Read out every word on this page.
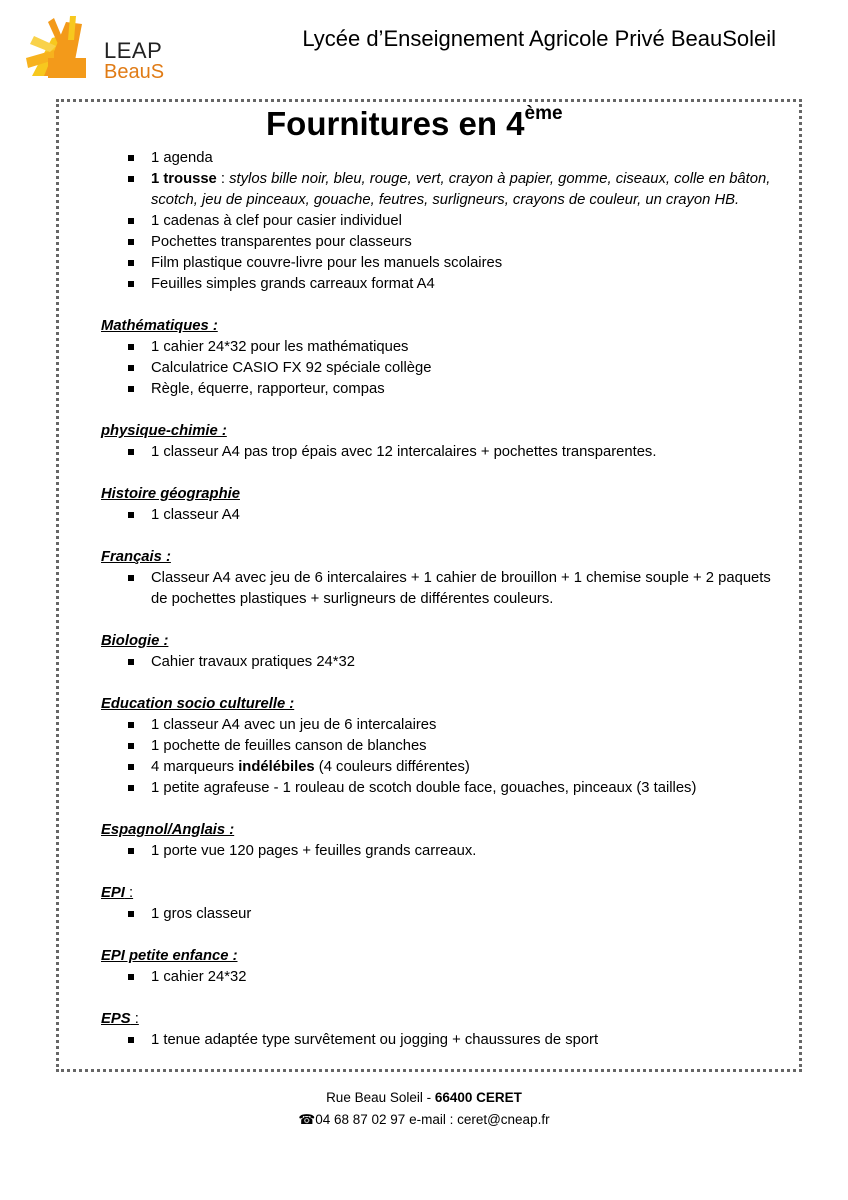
LEAP
BeauS
Lycée d’Enseignement Agricole Privé BeauSoleil
Fournitures en 4ème
1 agenda
1 trousse : stylos bille noir, bleu, rouge, vert, crayon à papier, gomme, ciseaux, colle en bâton, scotch, jeu de pinceaux, gouache, feutres, surligneurs, crayons de couleur, un crayon HB.
1 cadenas à clef pour casier individuel
Pochettes transparentes pour classeurs
Film plastique couvre-livre pour les manuels scolaires
Feuilles simples grands carreaux format A4
Mathématiques :
1 cahier 24*32 pour les mathématiques
Calculatrice CASIO FX 92 spéciale collège
Règle, équerre, rapporteur, compas
physique-chimie :
1 classeur A4 pas trop épais avec 12 intercalaires + pochettes transparentes.
Histoire géographie
1 classeur A4
Français :
Classeur A4 avec jeu de 6 intercalaires + 1 cahier de brouillon + 1 chemise souple + 2 paquets de pochettes plastiques + surligneurs de différentes couleurs.
Biologie :
Cahier travaux pratiques 24*32
Education socio culturelle :
1 classeur A4 avec un jeu de 6 intercalaires
1 pochette de feuilles canson de blanches
4 marqueurs indélébiles (4 couleurs différentes)
1 petite agrafeuse - 1 rouleau de scotch double face, gouaches, pinceaux (3 tailles)
Espagnol/Anglais :
1 porte vue 120 pages + feuilles grands carreaux.
EPI :
1 gros classeur
EPI petite enfance :
1 cahier 24*32
EPS :
1 tenue adaptée type survêtement ou jogging + chaussures de sport
Rue Beau Soleil - 66400 CERET
☎04 68 87 02 97 e-mail : ceret@cneap.fr
